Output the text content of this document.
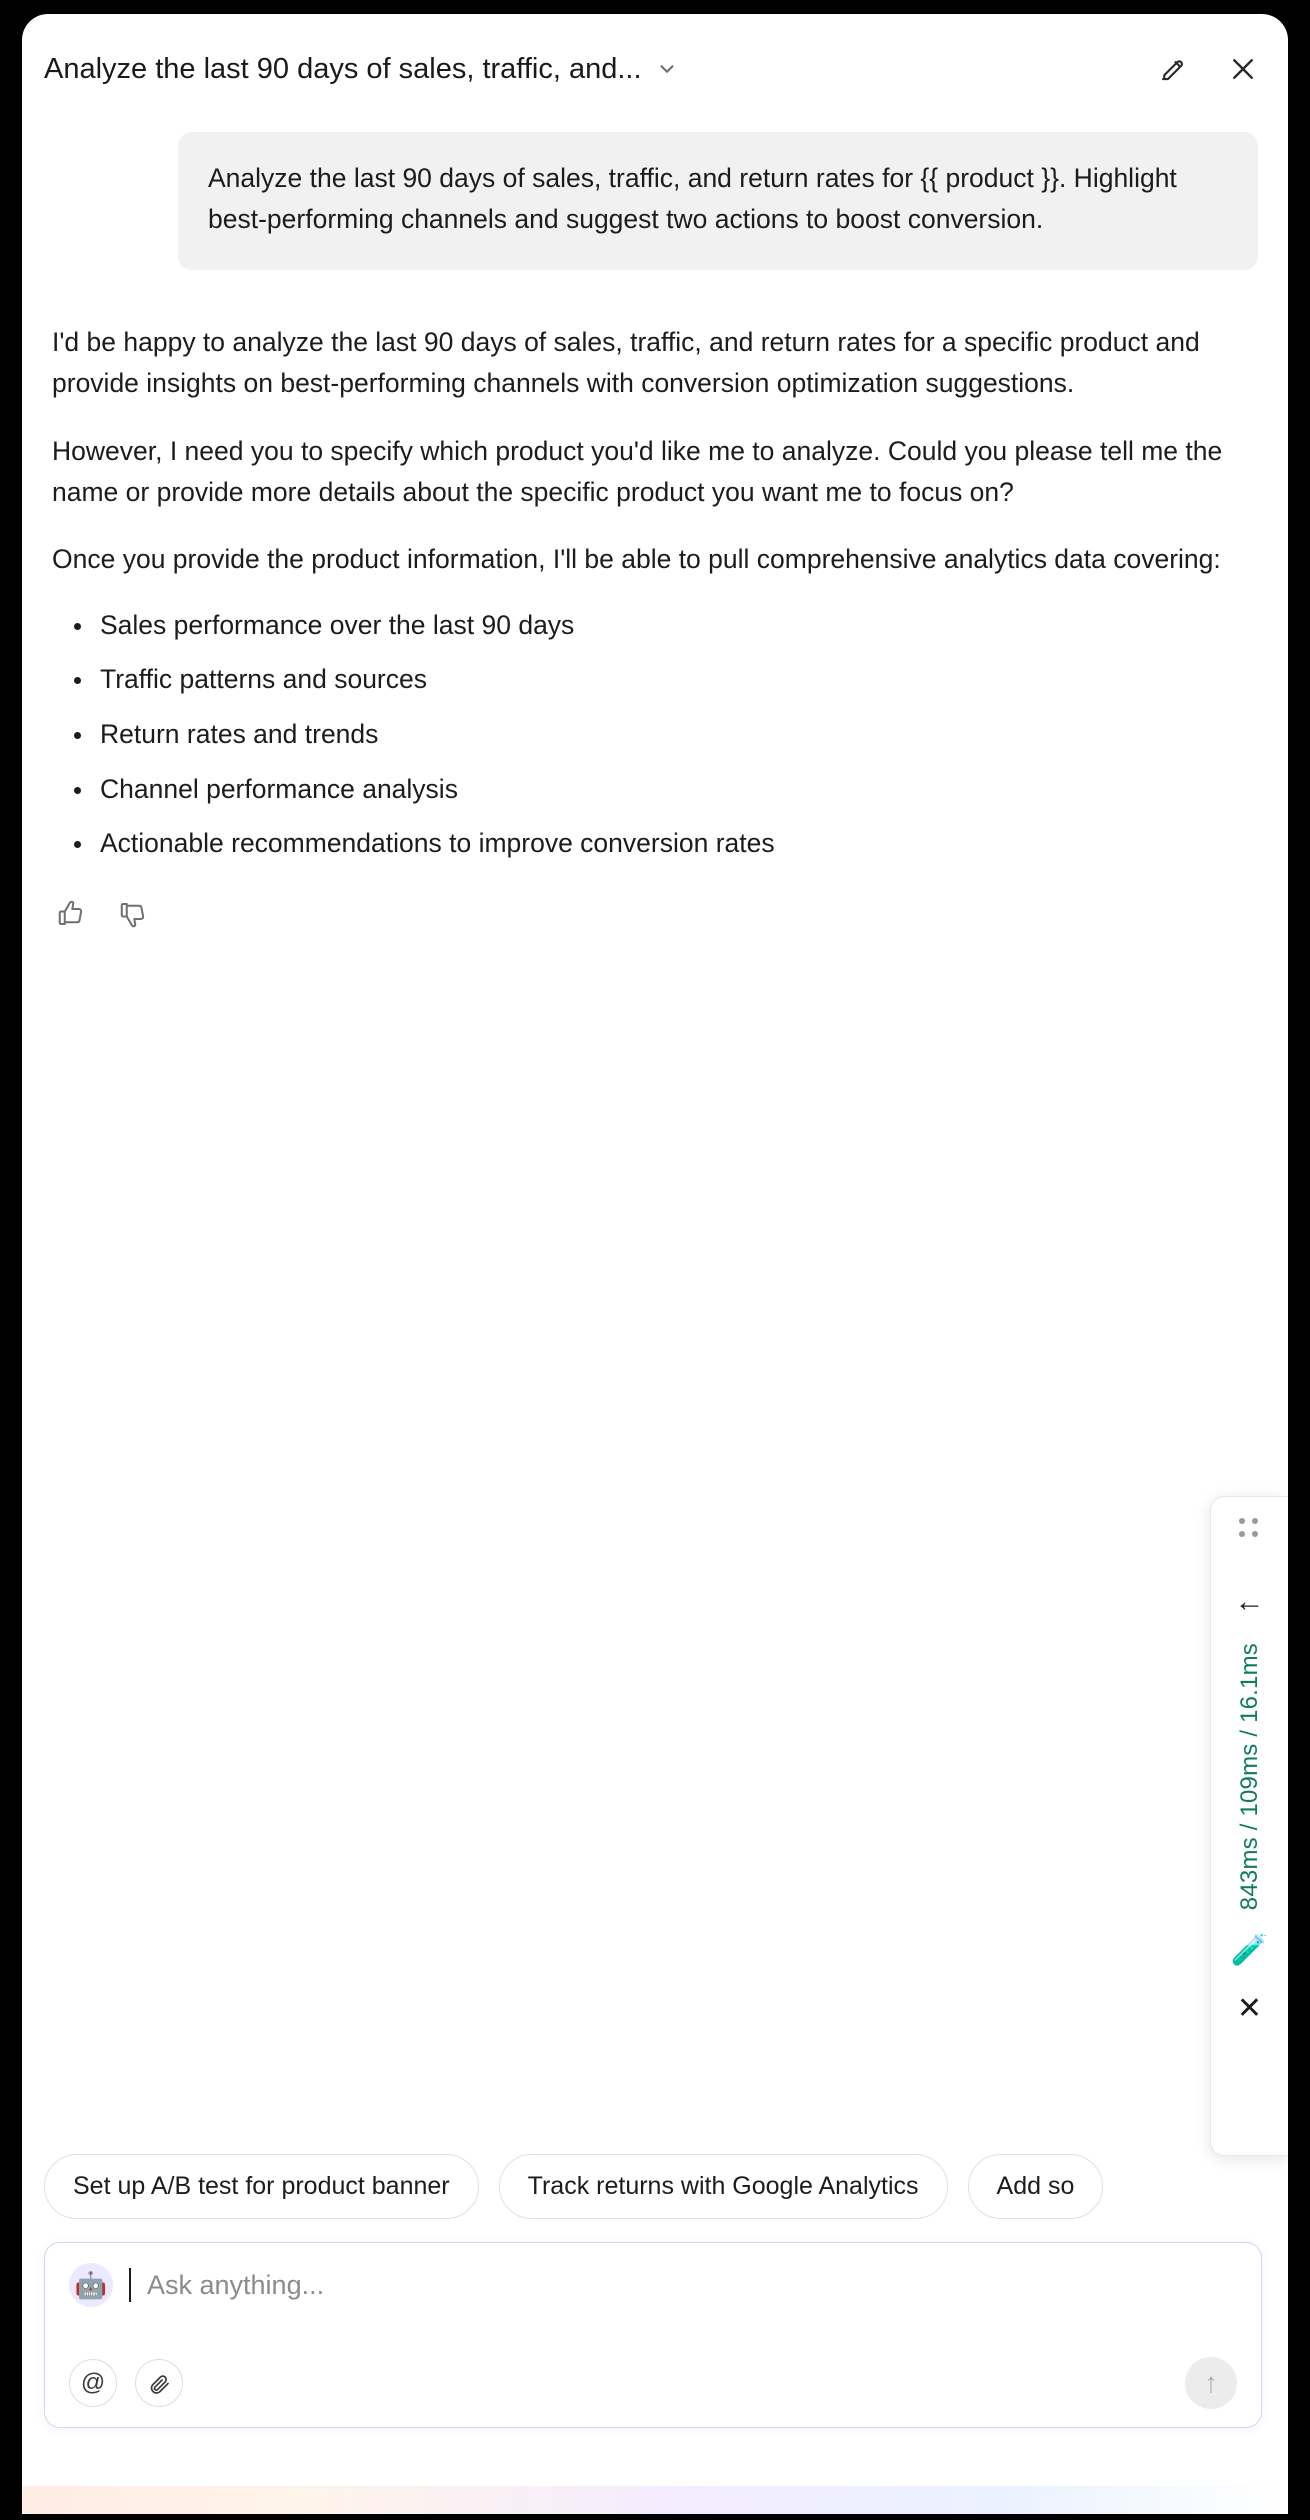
Analyze the last 90 days of sales, traffic, and...
Analyze the last 90 days of sales, traffic, and return rates for {{ product }}. Highlight best-performing channels and suggest two actions to boost conversion.

I'd be happy to analyze the last 90 days of sales, traffic, and return rates for a specific product and provide insights on best-performing channels with conversion optimization suggestions.

However, I need you to specify which product you'd like me to analyze. Could you please tell me the name or provide more details about the specific product you want me to focus on?

Once you provide the product information, I'll be able to pull comprehensive analytics data covering:

Sales performance over the last 90 days
Traffic patterns and sources
Return rates and trends
Channel performance analysis
Actionable recommendations to improve conversion rates
←
843ms / 109ms / 16.1ms
🧪
✕
Set up A/B test for product banner	Track returns with Google Analytics	Add so
🤖 Ask anything...
@	↑
